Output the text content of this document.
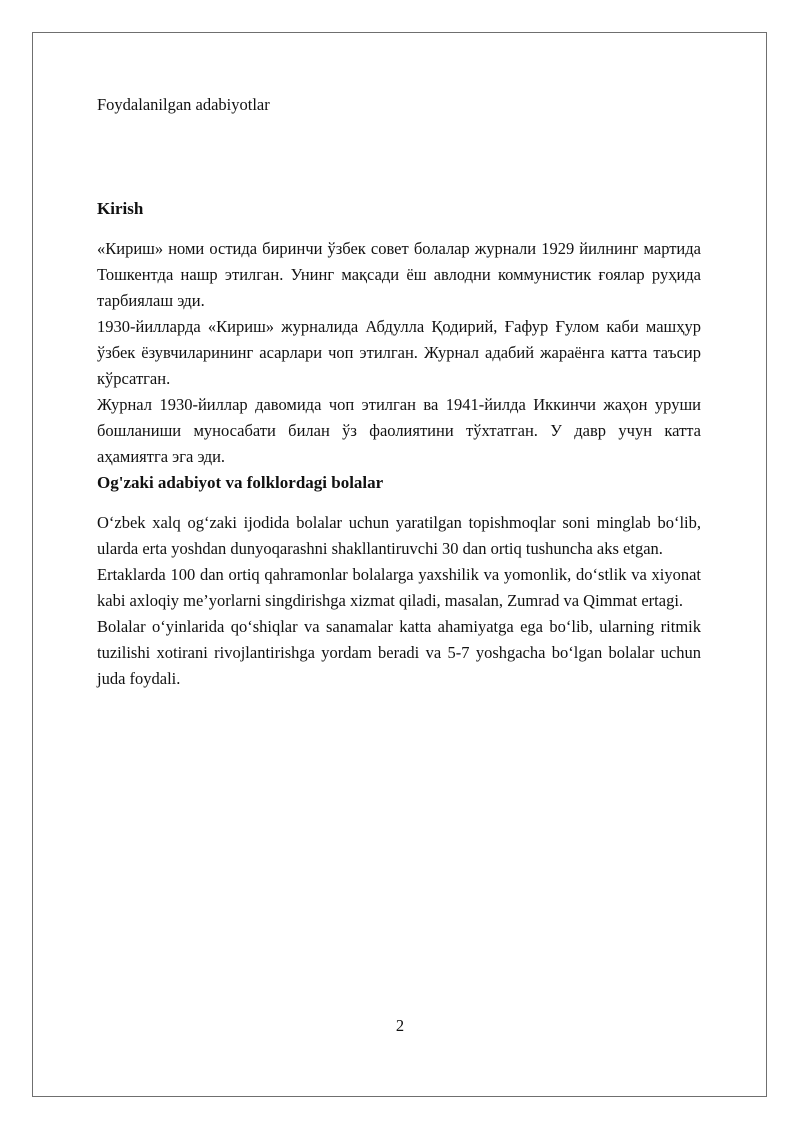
Foydalanilgan adabiyotlar
Kirish

«Кириш» номи остида биринчи ўзбек совет болалар журнали 1929 йилнинг мартида Тошкентда нашр этилган. Унинг мақсади ёш авлодни коммунистик ғоялар руҳида тарбиялаш эди.

1930-йилларда «Кириш» журналида Абдулла Қодирий, Ғафур Ғулом каби машҳур ўзбек ёзувчиларининг асарлари чоп этилган. Журнал адабий жараёнга катта таъсир кўрсатган.

Журнал 1930-йиллар давомида чоп этилган ва 1941-йилда Иккинчи жаҳон уруши бошланиши муносабати билан ўз фаолиятини тўхтатган. У давр учун катта аҳамиятга эга эди.

Og'zaki adabiyot va folklordagi bolalar

O‘zbek xalq og‘zaki ijodida bolalar uchun yaratilgan topishmoqlar soni minglab bo‘lib, ularda erta yoshdan dunyoqarashni shakllantiruvchi 30 dan ortiq tushuncha aks etgan.

Ertaklarda 100 dan ortiq qahramonlar bolalarga yaxshilik va yomonlik, do‘stlik va xiyonat kabi axloqiy me’yorlarni singdirishga xizmat qiladi, masalan, Zumrad va Qimmat ertagi.

Bolalar o‘yinlarida qo‘shiqlar va sanamalar katta ahamiyatga ega bo‘lib, ularning ritmik tuzilishi xotirani rivojlantirishga yordam beradi va 5-7 yoshgacha bo‘lgan bolalar uchun juda foydali.

2
